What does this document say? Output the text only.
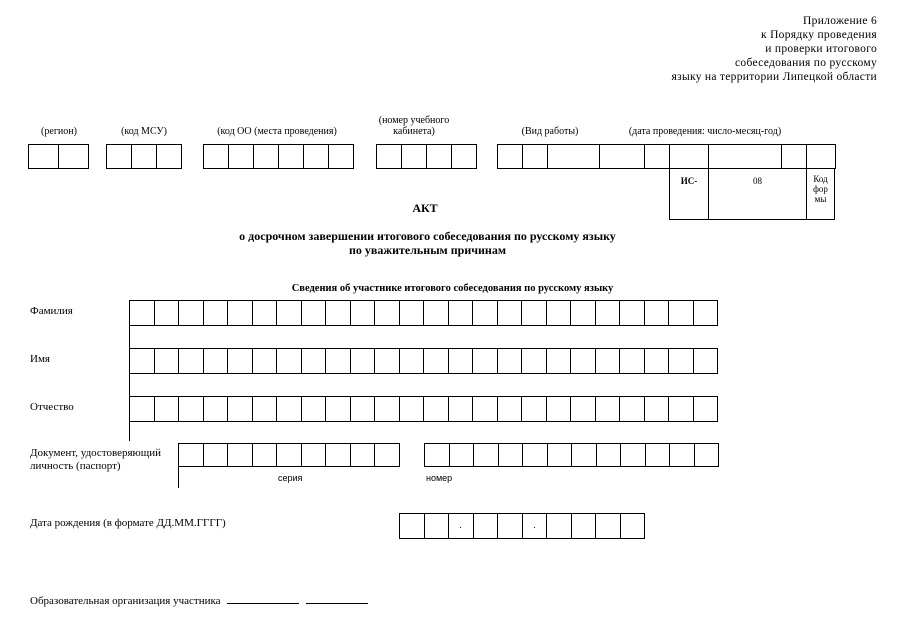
Приложение 6
к Порядку проведения
и проверки итогового
собеседования по русскому
языку на территории Липецкой области
(регион)	(код МСУ)	(код ОО (места проведения)
(номер учебного кабинета)	(Вид работы)	(дата проведения: число-месяц-год)
ИС-	08	Код фор мы
АКТ
о досрочном завершении итогового собеседования по русскому языку
по уважительным причинам
Сведения об участнике итогового собеседования по русскому языку
Фамилия
Имя
Отчество
Документ, удостоверяющий личность (паспорт)
серия	номер
Дата рождения (в формате ДД.ММ.ГГГГ)
Образовательная организация участника
.	.
